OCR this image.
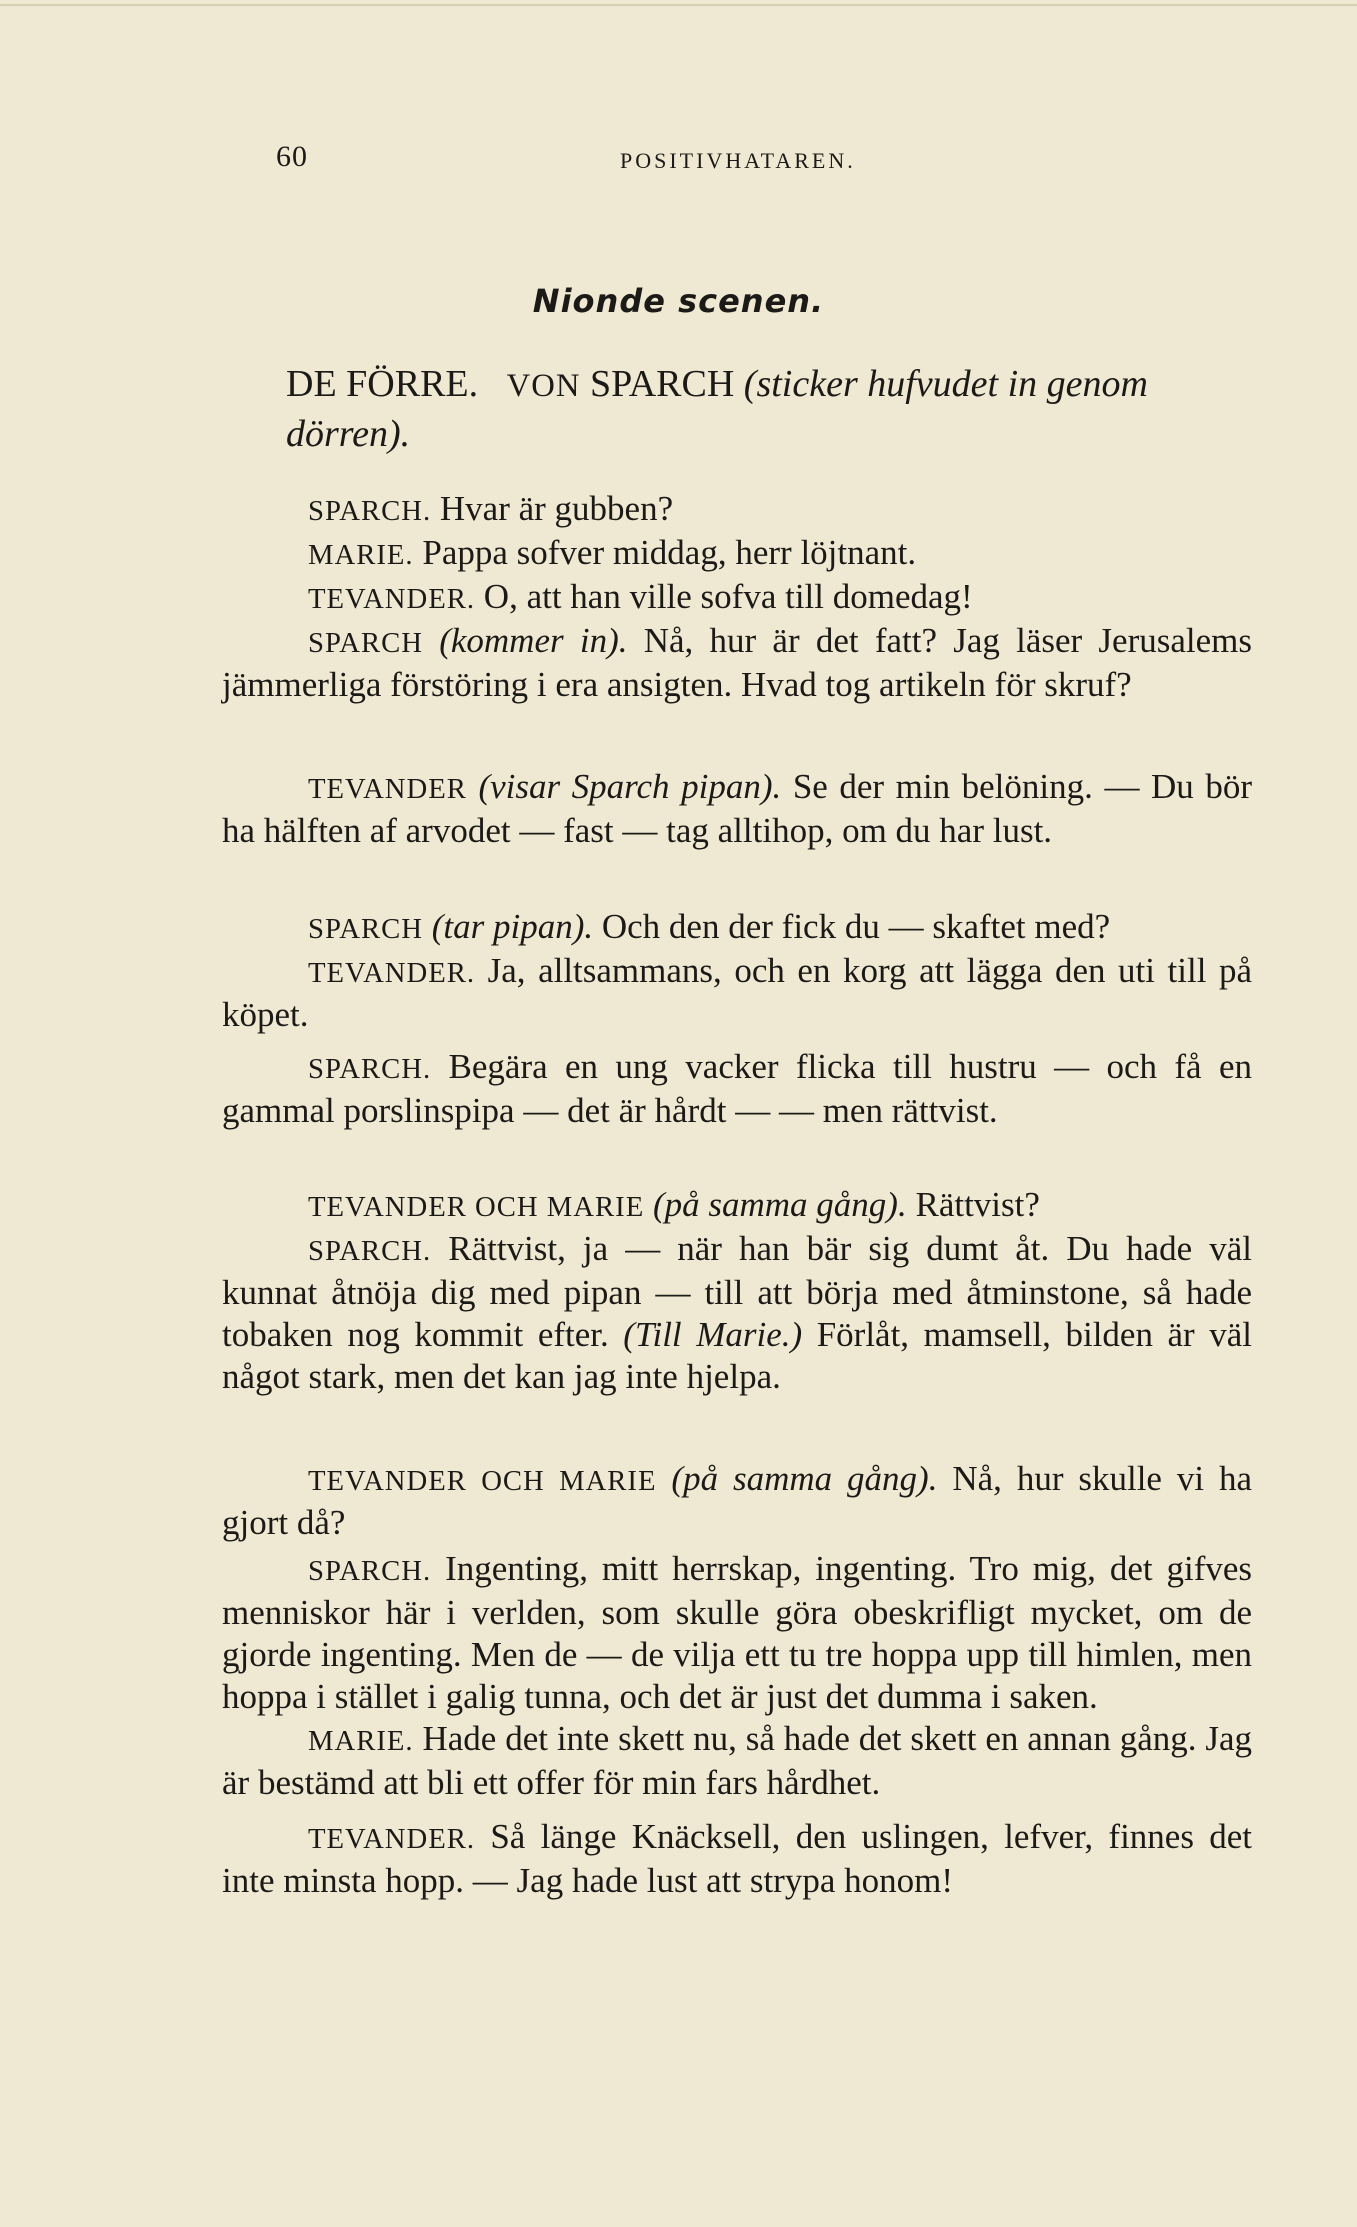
60	POSITIVHATAREN.
Nionde scenen.
DE FÖRRE. VON SPARCH (sticker hufvudet in genom dörren).

SPARCH. Hvar är gubben?

MARIE. Pappa sofver middag, herr löjtnant.

TEVANDER. O, att han ville sofva till domedag!

SPARCH (kommer in). Nå, hur är det fatt? Jag läser Jerusalems jämmerliga förstöring i era ansigten. Hvad tog artikeln för skruf?

TEVANDER (visar Sparch pipan). Se der min belöning. — Du bör ha hälften af arvodet — fast — tag alltihop, om du har lust.

SPARCH (tar pipan). Och den der fick du — skaftet med?

TEVANDER. Ja, alltsammans, och en korg att lägga den uti till på köpet.

SPARCH. Begära en ung vacker flicka till hustru — och få en gammal porslinspipa — det är hårdt — — men rättvist.

TEVANDER OCH MARIE (på samma gång). Rättvist?

SPARCH. Rättvist, ja — när han bär sig dumt åt. Du hade väl kunnat åtnöja dig med pipan — till att börja med åtminstone, så hade tobaken nog kommit efter. (Till Marie.) Förlåt, mamsell, bilden är väl något stark, men det kan jag inte hjelpa.

TEVANDER OCH MARIE (på samma gång). Nå, hur skulle vi ha gjort då?

SPARCH. Ingenting, mitt herrskap, ingenting. Tro mig, det gifves menniskor här i verlden, som skulle göra obeskrifligt mycket, om de gjorde ingenting. Men de — de vilja ett tu tre hoppa upp till himlen, men hoppa i stället i galig tunna, och det är just det dumma i saken.

MARIE. Hade det inte skett nu, så hade det skett en annan gång. Jag är bestämd att bli ett offer för min fars hårdhet.

TEVANDER. Så länge Knäcksell, den uslingen, lefver, finnes det inte minsta hopp. — Jag hade lust att strypa honom!
